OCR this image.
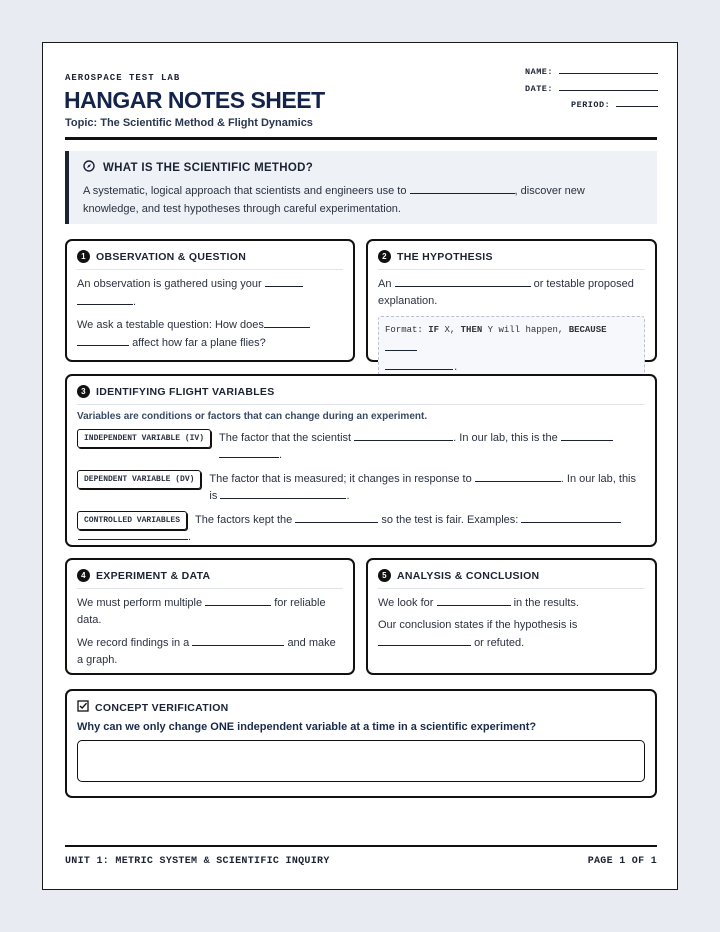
AEROSPACE TEST LAB
HANGAR NOTES SHEET
Topic: The Scientific Method & Flight Dynamics
NAME:
DATE:
PERIOD:
WHAT IS THE SCIENTIFIC METHOD?

A systematic, logical approach that scientists and engineers use to	, discover new knowledge, and test hypotheses through careful experimentation.

1 OBSERVATION & QUESTION

An observation is gathered using your
.

We ask a testable question: How does
affect how far a plane flies?

2 THE HYPOTHESIS

An	or testable proposed explanation.

Format: IF X, THEN Y will happen, BECAUSE
.
3 IDENTIFYING FLIGHT VARIABLES
Variables are conditions or factors that can change during an experiment.
INDEPENDENT VARIABLE (IV)	The factor that the scientist	. In our lab, this is the
.
DEPENDENT VARIABLE (DV)	The factor that is measured; it changes in response to	. In our lab, this is	.
CONTROLLED VARIABLES	The factors kept the	so the test is fair. Examples:
.
4 EXPERIMENT & DATA

We must perform multiple	for reliable data.

We record findings in a	and make a graph.

5 ANALYSIS & CONCLUSION

We look for	in the results.

Our conclusion states if the hypothesis is
or refuted.

CONCEPT VERIFICATION
Why can we only change ONE independent variable at a time in a scientific experiment?
UNIT 1: METRIC SYSTEM & SCIENTIFIC INQUIRY	PAGE 1 OF 1
